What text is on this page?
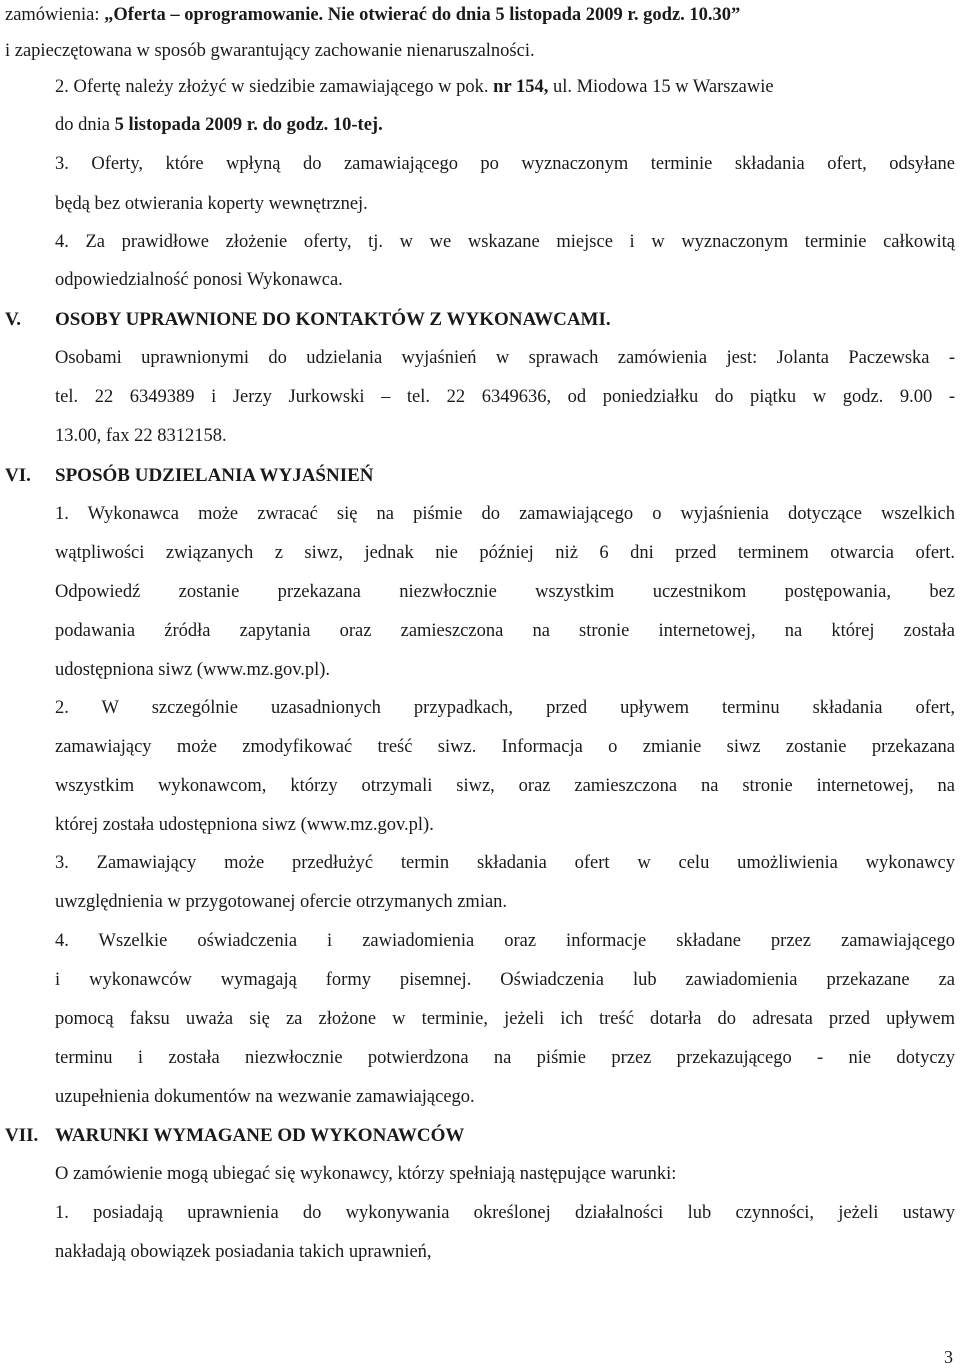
zamówienia: „Oferta – oprogramowanie. Nie otwierać do dnia 5 listopada 2009 r. godz. 10.30”
i zapieczętowana w sposób gwarantujący zachowanie nienaruszalności.
2. Ofertę należy złożyć w siedzibie zamawiającego w pok. nr 154, ul. Miodowa 15 w Warszawie
do dnia 5 listopada 2009 r. do godz. 10-tej.
3. Oferty, które wpłyną do zamawiającego po wyznaczonym terminie składania ofert, odsyłane
będą bez otwierania koperty wewnętrznej.
4. Za prawidłowe złożenie oferty, tj. w we wskazane miejsce i w wyznaczonym terminie całkowitą
odpowiedzialność ponosi Wykonawca.
V. OSOBY UPRAWNIONE DO KONTAKTÓW Z WYKONAWCAMI.
Osobami uprawnionymi do udzielania wyjaśnień w sprawach zamówienia jest: Jolanta Paczewska -
tel. 22 6349389 i Jerzy Jurkowski – tel. 22 6349636, od poniedziałku do piątku w godz. 9.00 -
13.00, fax 22 8312158.
VI. SPOSÓB UDZIELANIA WYJAŚNIEŃ
1. Wykonawca może zwracać się na piśmie do zamawiającego o wyjaśnienia dotyczące wszelkich
wątpliwości związanych z siwz, jednak nie później niż 6 dni przed terminem otwarcia ofert.
Odpowiedź zostanie przekazana niezwłocznie wszystkim uczestnikom postępowania, bez
podawania źródła zapytania oraz zamieszczona na stronie internetowej, na której została
udostępniona siwz (www.mz.gov.pl).
2. W szczególnie uzasadnionych przypadkach, przed upływem terminu składania ofert,
zamawiający może zmodyfikować treść siwz. Informacja o zmianie siwz zostanie przekazana
wszystkim wykonawcom, którzy otrzymali siwz, oraz zamieszczona na stronie internetowej, na
której została udostępniona siwz (www.mz.gov.pl).
3. Zamawiający może przedłużyć termin składania ofert w celu umożliwienia wykonawcy
uwzględnienia w przygotowanej ofercie otrzymanych zmian.
4. Wszelkie oświadczenia i zawiadomienia oraz informacje składane przez zamawiającego
i wykonawców wymagają formy pisemnej. Oświadczenia lub zawiadomienia przekazane za
pomocą faksu uważa się za złożone w terminie, jeżeli ich treść dotarła do adresata przed upływem
terminu i została niezwłocznie potwierdzona na piśmie przez przekazującego - nie dotyczy
uzupełnienia dokumentów na wezwanie zamawiającego.
VII. WARUNKI WYMAGANE OD WYKONAWCÓW
O zamówienie mogą ubiegać się wykonawcy, którzy spełniają następujące warunki:
1. posiadają uprawnienia do wykonywania określonej działalności lub czynności, jeżeli ustawy
nakładają obowiązek posiadania takich uprawnień,
3
